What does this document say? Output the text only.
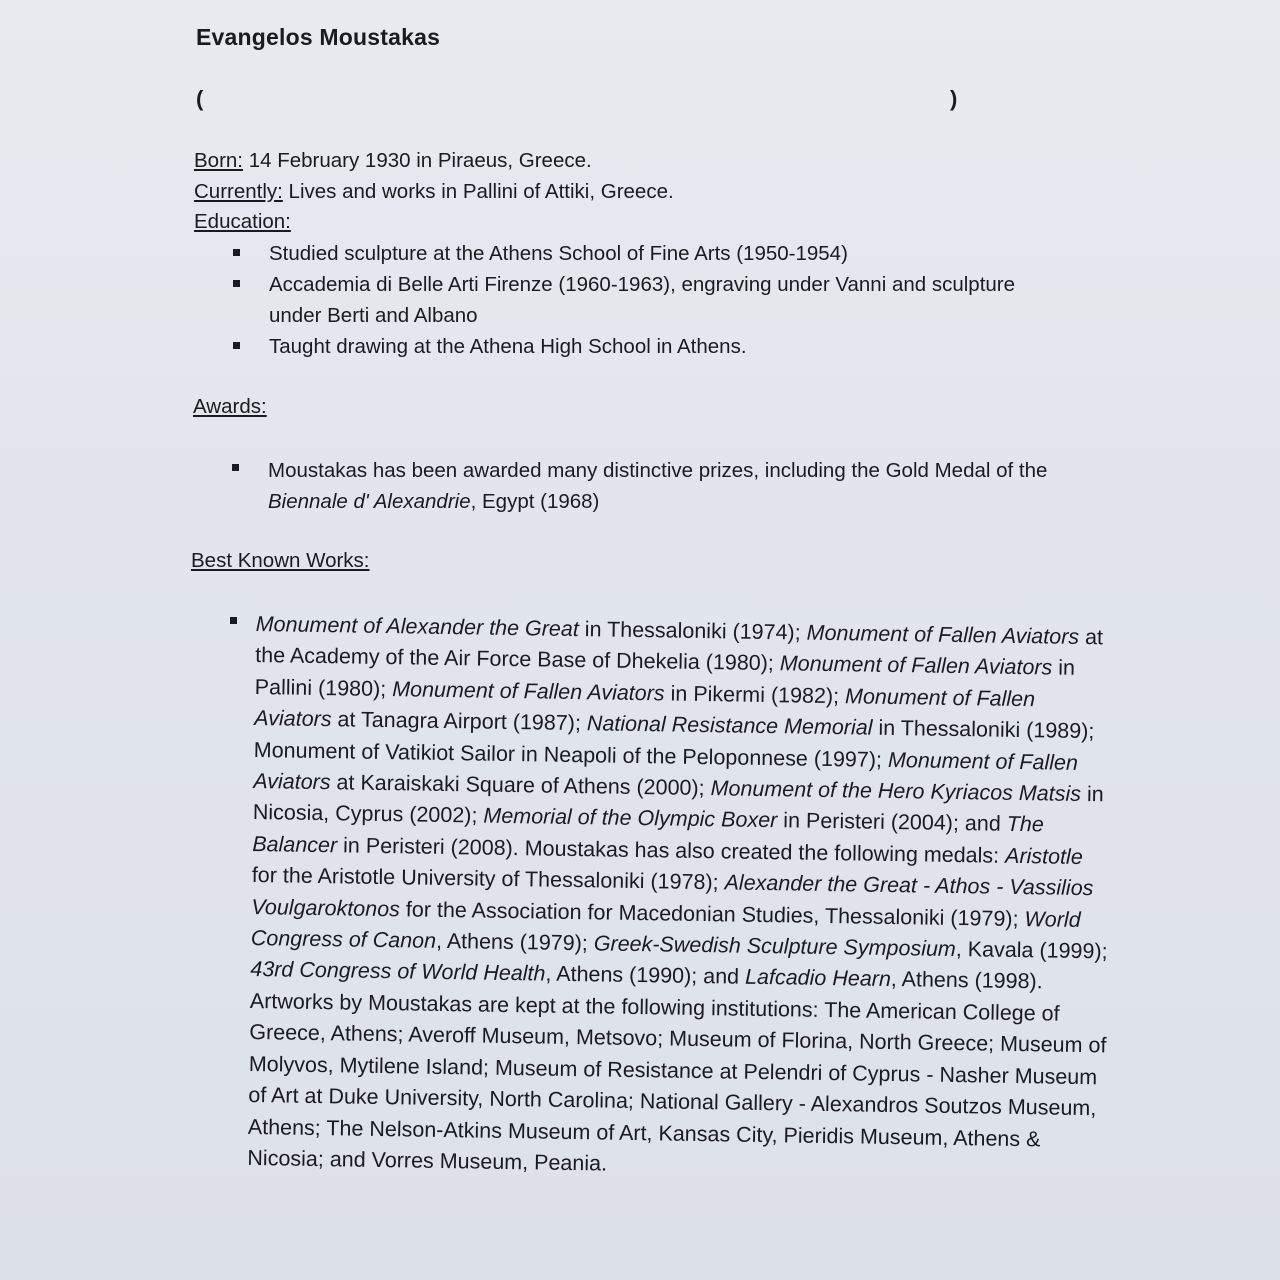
Evangelos Moustakas
(	)
Born: 14 February 1930 in Piraeus, Greece.
Currently: Lives and works in Pallini of Attiki, Greece.
Education:
Studied sculpture at the Athens School of Fine Arts (1950-1954)
Accademia di Belle Arti Firenze (1960-1963), engraving under Vanni and sculpture under Berti and Albano
Taught drawing at the Athena High School in Athens.
Awards:
Moustakas has been awarded many distinctive prizes, including the Gold Medal of the Biennale d' Alexandrie, Egypt (1968)
Best Known Works:
Monument of Alexander the Great in Thessaloniki (1974); Monument of Fallen Aviators at the Academy of the Air Force Base of Dhekelia (1980); Monument of Fallen Aviators in Pallini (1980); Monument of Fallen Aviators in Pikermi (1982); Monument of Fallen Aviators at Tanagra Airport (1987); National Resistance Memorial in Thessaloniki (1989); Monument of Vatikiot Sailor in Neapoli of the Peloponnese (1997); Monument of Fallen Aviators at Karaiskaki Square of Athens (2000); Monument of the Hero Kyriacos Matsis in Nicosia, Cyprus (2002); Memorial of the Olympic Boxer in Peristeri (2004); and The Balancer in Peristeri (2008). Moustakas has also created the following medals: Aristotle for the Aristotle University of Thessaloniki (1978); Alexander the Great - Athos - Vassilios Voulgaroktonos for the Association for Macedonian Studies, Thessaloniki (1979); World Congress of Canon, Athens (1979); Greek-Swedish Sculpture Symposium, Kavala (1999); 43rd Congress of World Health, Athens (1990); and Lafcadio Hearn, Athens (1998). Artworks by Moustakas are kept at the following institutions: The American College of Greece, Athens; Averoff Museum, Metsovo; Museum of Florina, North Greece; Museum of Molyvos, Mytilene Island; Museum of Resistance at Pelendri of Cyprus - Nasher Museum of Art at Duke University, North Carolina; National Gallery - Alexandros Soutzos Museum, Athens; The Nelson-Atkins Museum of Art, Kansas City, Pieridis Museum, Athens & Nicosia; and Vorres Museum, Peania.
